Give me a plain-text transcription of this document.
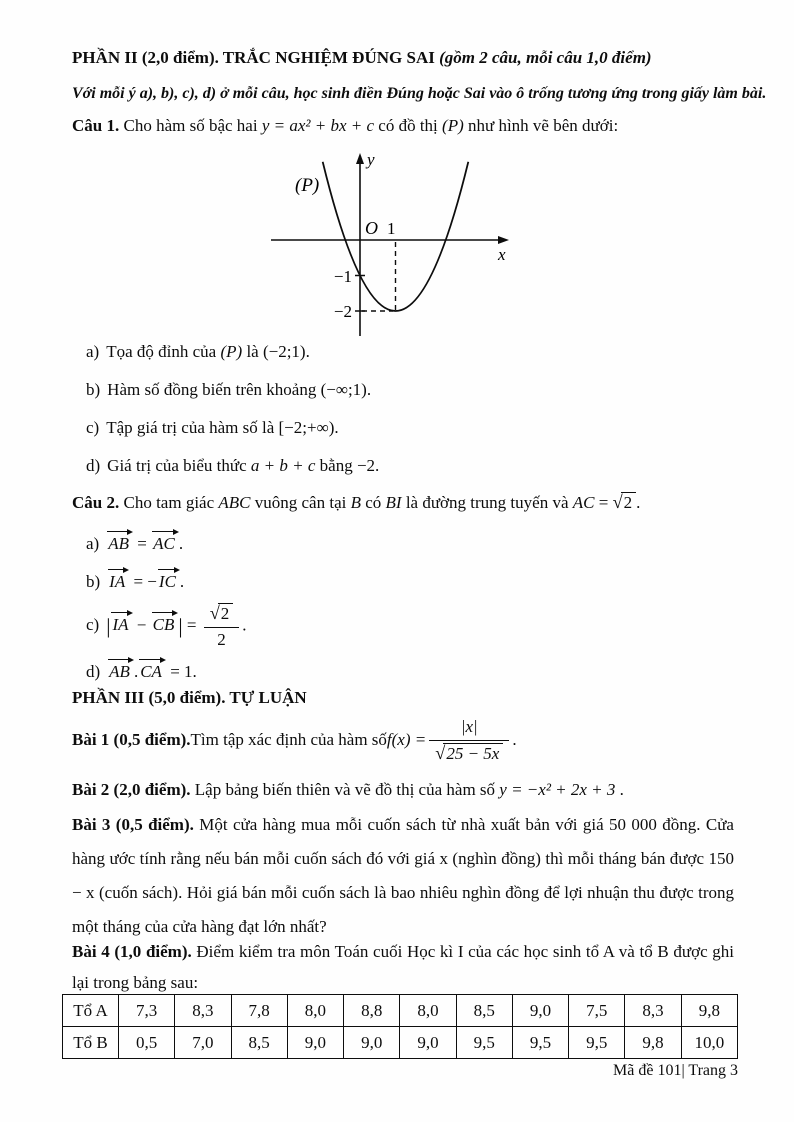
PHẦN II (2,0 điểm). TRẮC NGHIỆM ĐÚNG SAI (gồm 2 câu, mỗi câu 1,0 điểm)
Với mỗi ý a), b), c), d) ở mỗi câu, học sinh điền Đúng hoặc Sai vào ô trống tương ứng trong giấy làm bài.
Câu 1. Cho hàm số bậc hai y = ax² + bx + c có đồ thị (P) như hình vẽ bên dưới:
y
x
O 1
−1
−2
(P)
a) Tọa độ đỉnh của (P) là (−2;1).
b) Hàm số đồng biến trên khoảng (−∞;1).
c) Tập giá trị của hàm số là [−2;+∞).
d) Giá trị của biểu thức a + b + c bằng −2.
Câu 2. Cho tam giác ABC vuông cân tại B có BI là đường trung tuyến và AC = √2 .
a) AB = AC .
b) IA = − IC .
c) | IA − CB | = $\frac{√2}{2}$ .
d) AB . CA = 1.
PHẦN III (5,0 điểm). TỰ LUẬN
Bài 1 (0,5 điểm). Tìm tập xác định của hàm số $f(x) = \frac{|x|}{√25 - 5x}$ .
Bài 2 (2,0 điểm). Lập bảng biến thiên và vẽ đồ thị của hàm số y = −x² + 2x + 3 .
Bài 3 (0,5 điểm). Một cửa hàng mua mỗi cuốn sách từ nhà xuất bản với giá 50 000 đồng. Cửa hàng ước tính rằng nếu bán mỗi cuốn sách đó với giá x (nghìn đồng) thì mỗi tháng bán được 150 − x (cuốn sách). Hỏi giá bán mỗi cuốn sách là bao nhiêu nghìn đồng để lợi nhuận thu được trong một tháng của cửa hàng đạt lớn nhất?
Bài 4 (1,0 điểm). Điểm kiểm tra môn Toán cuối Học kì I của các học sinh tổ A và tổ B được ghi lại trong bảng sau:
Tổ A	7,3	8,3	7,8	8,0	8,8	8,0	8,5	9,0	7,5	8,3	9,8
Tổ B	0,5	7,0	8,5	9,0	9,0	9,0	9,5	9,5	9,5	9,8	10,0
Mã đề 101| Trang 3
